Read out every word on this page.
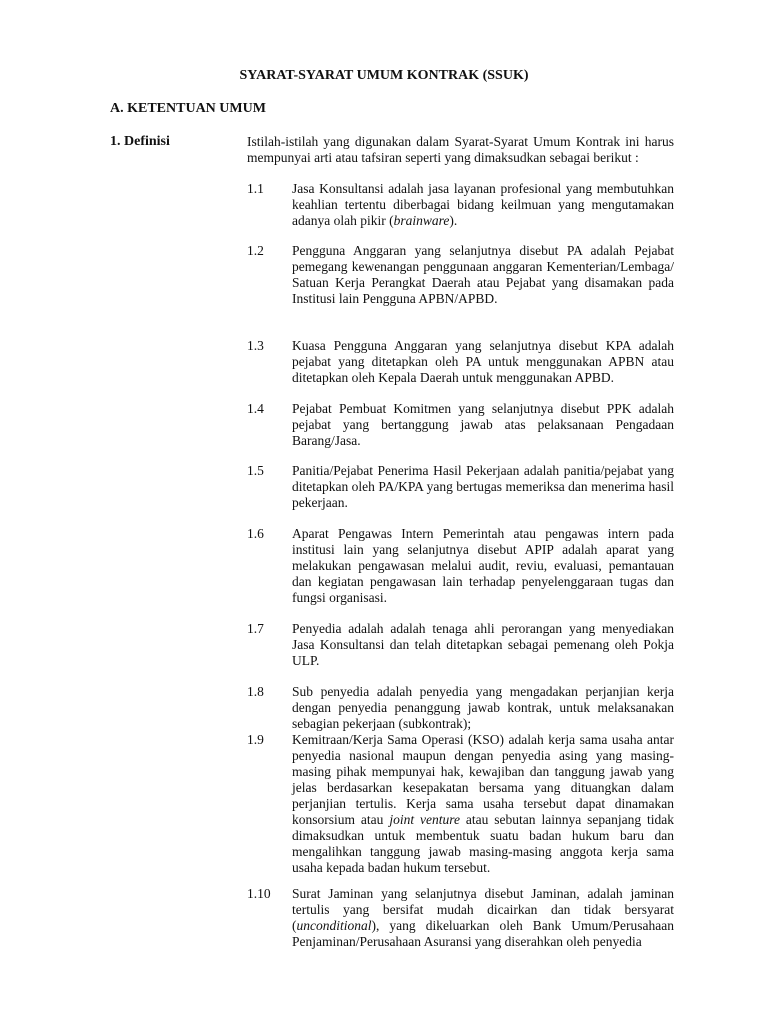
SYARAT-SYARAT UMUM KONTRAK (SSUK)
A. KETENTUAN UMUM
1. Definisi	Istilah-istilah yang digunakan dalam Syarat-Syarat Umum Kontrak ini harus mempunyai arti atau tafsiran seperti yang dimaksudkan sebagai berikut :
1.1 Jasa Konsultansi adalah jasa layanan profesional yang membutuhkan keahlian tertentu diberbagai bidang keilmuan yang mengutamakan adanya olah pikir (brainware).
1.2 Pengguna Anggaran yang selanjutnya disebut PA adalah Pejabat pemegang kewenangan penggunaan anggaran Kementerian/Lembaga/ Satuan Kerja Perangkat Daerah atau Pejabat yang disamakan pada Institusi lain Pengguna APBN/APBD.
1.3 Kuasa Pengguna Anggaran yang selanjutnya disebut KPA adalah pejabat yang ditetapkan oleh PA untuk menggunakan APBN atau ditetapkan oleh Kepala Daerah untuk menggunakan APBD.
1.4 Pejabat Pembuat Komitmen yang selanjutnya disebut PPK adalah pejabat yang bertanggung jawab atas pelaksanaan Pengadaan Barang/Jasa.
1.5 Panitia/Pejabat Penerima Hasil Pekerjaan adalah panitia/pejabat yang ditetapkan oleh PA/KPA yang bertugas memeriksa dan menerima hasil pekerjaan.
1.6 Aparat Pengawas Intern Pemerintah atau pengawas intern pada institusi lain yang selanjutnya disebut APIP adalah aparat yang melakukan pengawasan melalui audit, reviu, evaluasi, pemantauan dan kegiatan pengawasan lain terhadap penyelenggaraan tugas dan fungsi organisasi.
1.7 Penyedia adalah adalah tenaga ahli perorangan yang menyediakan Jasa Konsultansi dan telah ditetapkan sebagai pemenang oleh Pokja ULP.
1.8 Sub penyedia adalah penyedia yang mengadakan perjanjian kerja dengan penyedia penanggung jawab kontrak, untuk melaksanakan sebagian pekerjaan (subkontrak);
1.9 Kemitraan/Kerja Sama Operasi (KSO) adalah kerja sama usaha antar penyedia nasional maupun dengan penyedia asing yang masing-masing pihak mempunyai hak, kewajiban dan tanggung jawab yang jelas berdasarkan kesepakatan bersama yang dituangkan dalam perjanjian tertulis. Kerja sama usaha tersebut dapat dinamakan konsorsium atau joint venture atau sebutan lainnya sepanjang tidak dimaksudkan untuk membentuk suatu badan hukum baru dan mengalihkan tanggung jawab masing-masing anggota kerja sama usaha kepada badan hukum tersebut.
1.10 Surat Jaminan yang selanjutnya disebut Jaminan, adalah jaminan tertulis yang bersifat mudah dicairkan dan tidak bersyarat (unconditional), yang dikeluarkan oleh Bank Umum/Perusahaan Penjaminan/Perusahaan Asuransi yang diserahkan oleh penyedia
